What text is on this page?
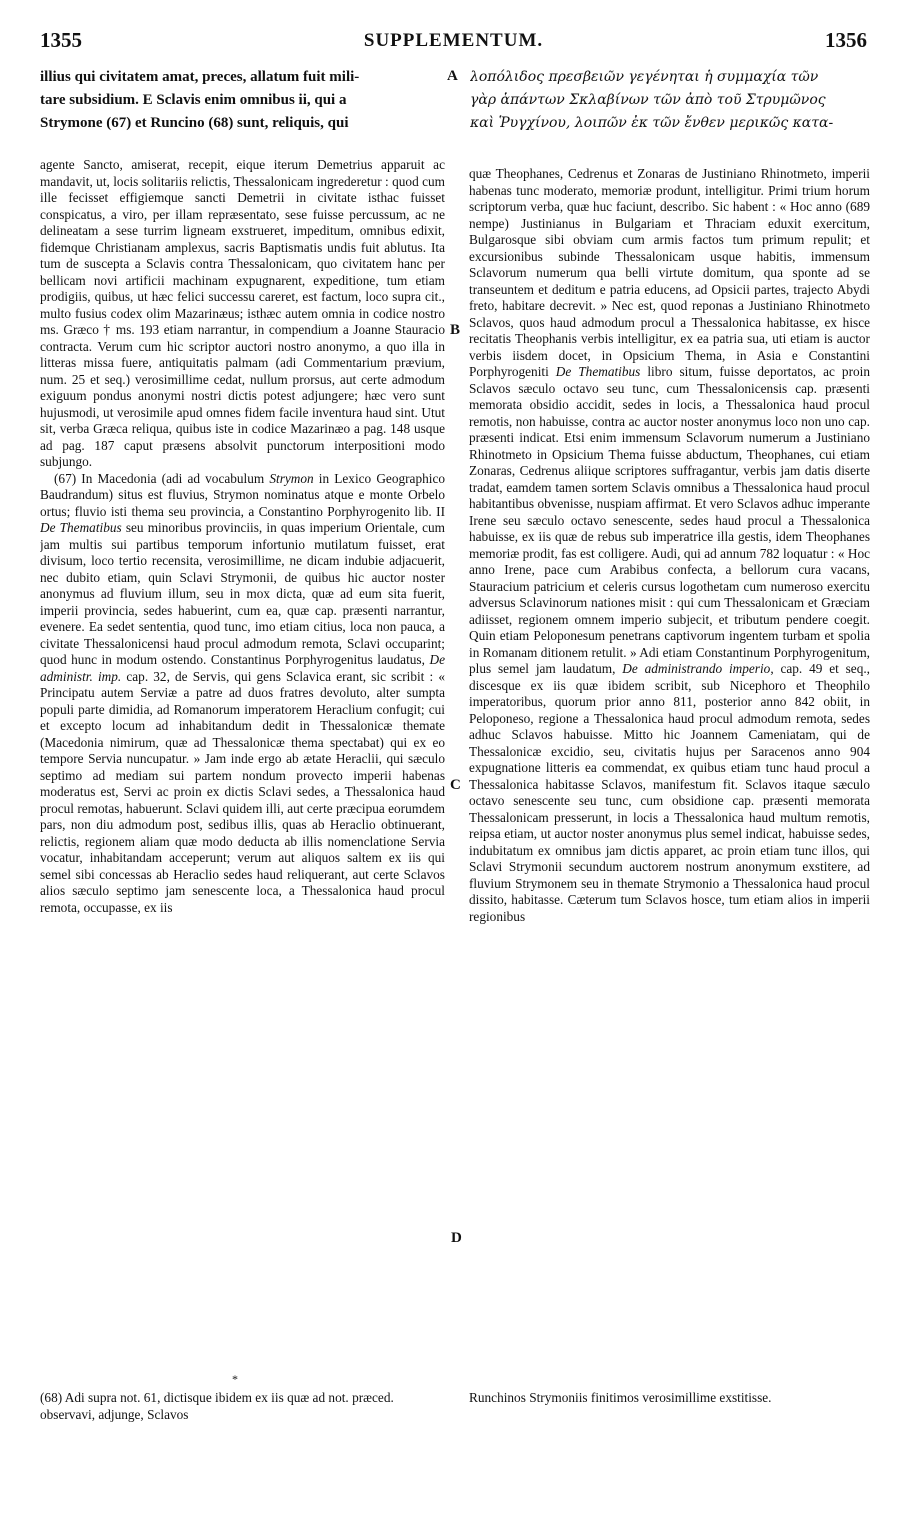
1355	SUPPLEMENTUM.	1356
illius qui civitatem amat, preces, allatum fuit mili-
tare subsidium. E Sclavis enim omnibus ii, qui a
Strymone (67) et Runcino (68) sunt, reliquis, qui
λοπόλιδος πρεσβειῶν γεγένηται ἡ συμμαχία τῶν
γὰρ ἁπάντων Σκλαβίνων τῶν ἀπὸ τοῦ Στρυμῶνος
καὶ Ῥυγχίνου, λοιπῶν ἐκ τῶν ἔνθεν μερικῶς κατα-
A
B
C
D

agente Sancto, amiserat, recepit, eique iterum Demetrius apparuit ac mandavit, ut, locis solitariis relictis, Thessalonicam ingrederetur : quod cum ille fecisset effigiemque sancti Demetrii in civitate isthac fuisset conspicatus, a viro, per illam repræsentato, sese fuisse percussum, ac ne delineatam a sese turrim ligneam exstrueret, impeditum, omnibus edixit, fidemque Christianam amplexus, sacris Baptismatis undis fuit ablutus. Ita tum de suscepta a Sclavis contra Thessalonicam, quo civitatem hanc per bellicam novi artificii machinam expugnarent, expeditione, tum etiam prodigiis, quibus, ut hæc felici successu careret, est factum, loco supra cit., multo fusius codex olim Mazarinæus; isthæc autem omnia in codice nostro ms. Græco † ms. 193 etiam narrantur, in compendium a Joanne Stauracio contracta. Verum cum hic scriptor auctori nostro anonymo, a quo illa in litteras missa fuere, antiquitatis palmam (adi Commentarium prævium, num. 25 et seq.) verosimillime cedat, nullum prorsus, aut certe admodum exiguum pondus anonymi nostri dictis potest adjungere; hæc vero sunt hujusmodi, ut verosimile apud omnes fidem facile inventura haud sint. Utut sit, verba Græca reliqua, quibus iste in codice Mazarinæo a pag. 148 usque ad pag. 187 caput præsens absolvit punctorum interpositioni modo subjungo.

(67) In Macedonia (adi ad vocabulum Strymon in Lexico Geographico Baudrandum) situs est fluvius, Strymon nominatus atque e monte Orbelo ortus; fluvio isti thema seu provincia, a Constantino Porphyrogenito lib. II De Thematibus seu minoribus provinciis, in quas imperium Orientale, cum jam multis sui partibus temporum infortunio mutilatum fuisset, erat divisum, loco tertio recensita, verosimillime, ne dicam indubie adjacuerit, nec dubito etiam, quin Sclavi Strymonii, de quibus hic auctor noster anonymus ad fluvium illum, seu in mox dicta, quæ ad eum sita fuerit, imperii provincia, sedes habuerint, cum ea, quæ cap. præsenti narrantur, evenere. Ea sedet sententia, quod tunc, imo etiam citius, loca non pauca, a civitate Thessalonicensi haud procul admodum remota, Sclavi occuparint; quod hunc in modum ostendo. Constantinus Porphyrogenitus laudatus, De administr. imp. cap. 32, de Servis, qui gens Sclavica erant, sic scribit : « Principatu autem Serviæ a patre ad duos fratres devoluto, alter sumpta populi parte dimidia, ad Romanorum imperatorem Heraclium confugit; cui et excepto locum ad inhabitandum dedit in Thessalonicæ themate (Macedonia nimirum, quæ ad Thessalonicæ thema spectabat) qui ex eo tempore Servia nuncupatur. » Jam inde ergo ab ætate Heraclii, qui sæculo septimo ad mediam sui partem nondum provecto imperii habenas moderatus est, Servi ac proin ex dictis Sclavi sedes, a Thessalonica haud procul remotas, habuerunt. Sclavi quidem illi, aut certe præcipua eorumdem pars, non diu admodum post, sedibus illis, quas ab Heraclio obtinuerant, relictis, regionem aliam quæ modo deducta ab illis nomenclatione Servia vocatur, inhabitandam acceperunt; verum aut aliquos saltem ex iis qui semel sibi concessas ab Heraclio sedes haud reliquerant, aut certe Sclavos alios sæculo septimo jam senescente loca, a Thessalonica haud procul remota, occupasse, ex iis

quæ Theophanes, Cedrenus et Zonaras de Justiniano Rhinotmeto, imperii habenas tunc moderato, memoriæ produnt, intelligitur. Primi trium horum scriptorum verba, quæ huc faciunt, describo. Sic habent : « Hoc anno (689 nempe) Justinianus in Bulgariam et Thraciam eduxit exercitum, Bulgarosque sibi obviam cum armis factos tum primum repulit; et excursionibus subinde Thessalonicam usque habitis, immensum Sclavorum numerum qua belli virtute domitum, qua sponte ad se transeuntem et deditum e patria educens, ad Opsicii partes, trajecto Abydi freto, habitare decrevit. » Nec est, quod reponas a Justiniano Rhinotmeto Sclavos, quos haud admodum procul a Thessalonica habitasse, ex hisce recitatis Theophanis verbis intelligitur, ex ea patria sua, uti etiam is auctor verbis iisdem docet, in Opsicium Thema, in Asia e Constantini Porphyrogeniti De Thematibus libro situm, fuisse deportatos, ac proin Sclavos sæculo octavo seu tunc, cum Thessalonicensis cap. præsenti memorata obsidio accidit, sedes in locis, a Thessalonica haud procul remotis, non habuisse, contra ac auctor noster anonymus loco non uno cap. præsenti indicat. Etsi enim immensum Sclavorum numerum a Justiniano Rhinotmeto in Opsicium Thema fuisse abductum, Theophanes, cui etiam Zonaras, Cedrenus aliique scriptores suffragantur, verbis jam datis diserte tradat, eamdem tamen sortem Sclavis omnibus a Thessalonica haud procul habitantibus obvenisse, nuspiam affirmat. Et vero Sclavos adhuc imperante Irene seu sæculo octavo senescente, sedes haud procul a Thessalonica habuisse, ex iis quæ de rebus sub imperatrice illa gestis, idem Theophanes memoriæ prodit, fas est colligere. Audi, qui ad annum 782 loquatur : « Hoc anno Irene, pace cum Arabibus confecta, a bellorum cura vacans, Stauracium patricium et celeris cursus logothetam cum numeroso exercitu adversus Sclavinorum nationes misit : qui cum Thessalonicam et Græciam adiisset, regionem omnem imperio subjecit, et tributum pendere coegit. Quin etiam Peloponesum penetrans captivorum ingentem turbam et spolia in Romanam ditionem retulit. » Adi etiam Constantinum Porphyrogenitum, plus semel jam laudatum, De administrando imperio, cap. 49 et seq., discesque ex iis quæ ibidem scribit, sub Nicephoro et Theophilo imperatoribus, quorum prior anno 811, posterior anno 842 obiit, in Peloponeso, regione a Thessalonica haud procul admodum remota, sedes adhuc Sclavos habuisse. Mitto hic Joannem Cameniatam, qui de Thessalonicæ excidio, seu, civitatis hujus per Saracenos anno 904 expugnatione litteris ea commendat, ex quibus etiam tunc haud procul a Thessalonica habitasse Sclavos, manifestum fit. Sclavos itaque sæculo octavo senescente seu tunc, cum obsidione cap. præsenti memorata Thessalonicam presserunt, in locis a Thessalonica haud multum remotis, reipsa etiam, ut auctor noster anonymus plus semel indicat, habuisse sedes, indubitatum ex omnibus jam dictis apparet, ac proin etiam tunc illos, qui Sclavi Strymonii secundum auctorem nostrum anonymum exstitere, ad fluvium Strymonem seu in themate Strymonio a Thessalonica haud procul dissito, habitasse. Cæterum tum Sclavos hosce, tum etiam alios in imperii regionibus

*
(68) Adi supra not. 61, dictisque ibidem ex iis quæ ad not. præced. observavi, adjunge, Sclavos
Runchinos Strymoniis finitimos verosimillime exstitisse.
